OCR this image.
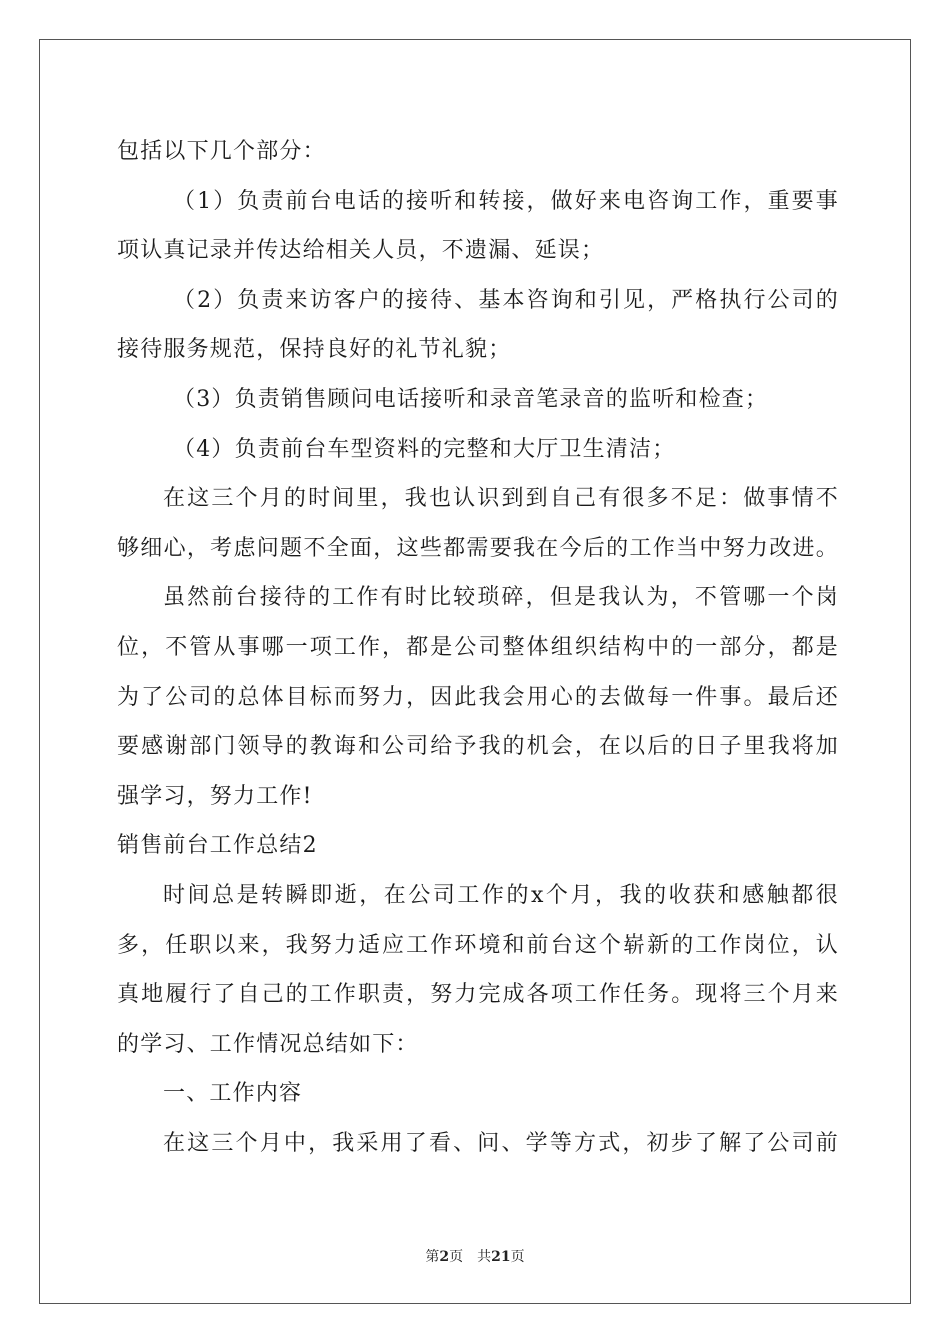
包括以下几个部分：
（1）负责前台电话的接听和转接，做好来电咨询工作，重要事
项认真记录并传达给相关人员，不遗漏、延误；
（2）负责来访客户的接待、基本咨询和引见，严格执行公司的
接待服务规范，保持良好的礼节礼貌；
（3）负责销售顾问电话接听和录音笔录音的监听和检查；
（4）负责前台车型资料的完整和大厅卫生清洁；
在这三个月的时间里，我也认识到到自己有很多不足：做事情不
够细心，考虑问题不全面，这些都需要我在今后的工作当中努力改进。
虽然前台接待的工作有时比较琐碎，但是我认为，不管哪一个岗
位，不管从事哪一项工作，都是公司整体组织结构中的一部分，都是
为了公司的总体目标而努力，因此我会用心的去做每一件事。最后还
要感谢部门领导的教诲和公司给予我的机会，在以后的日子里我将加
强学习，努力工作!
销售前台工作总结2
时间总是转瞬即逝，在公司工作的x个月，我的收获和感触都很
多，任职以来，我努力适应工作环境和前台这个崭新的工作岗位，认
真地履行了自己的工作职责，努力完成各项工作任务。现将三个月来
的学习、工作情况总结如下：
一、工作内容
在这三个月中，我采用了看、问、学等方式，初步了解了公司前
第2页　共21页
